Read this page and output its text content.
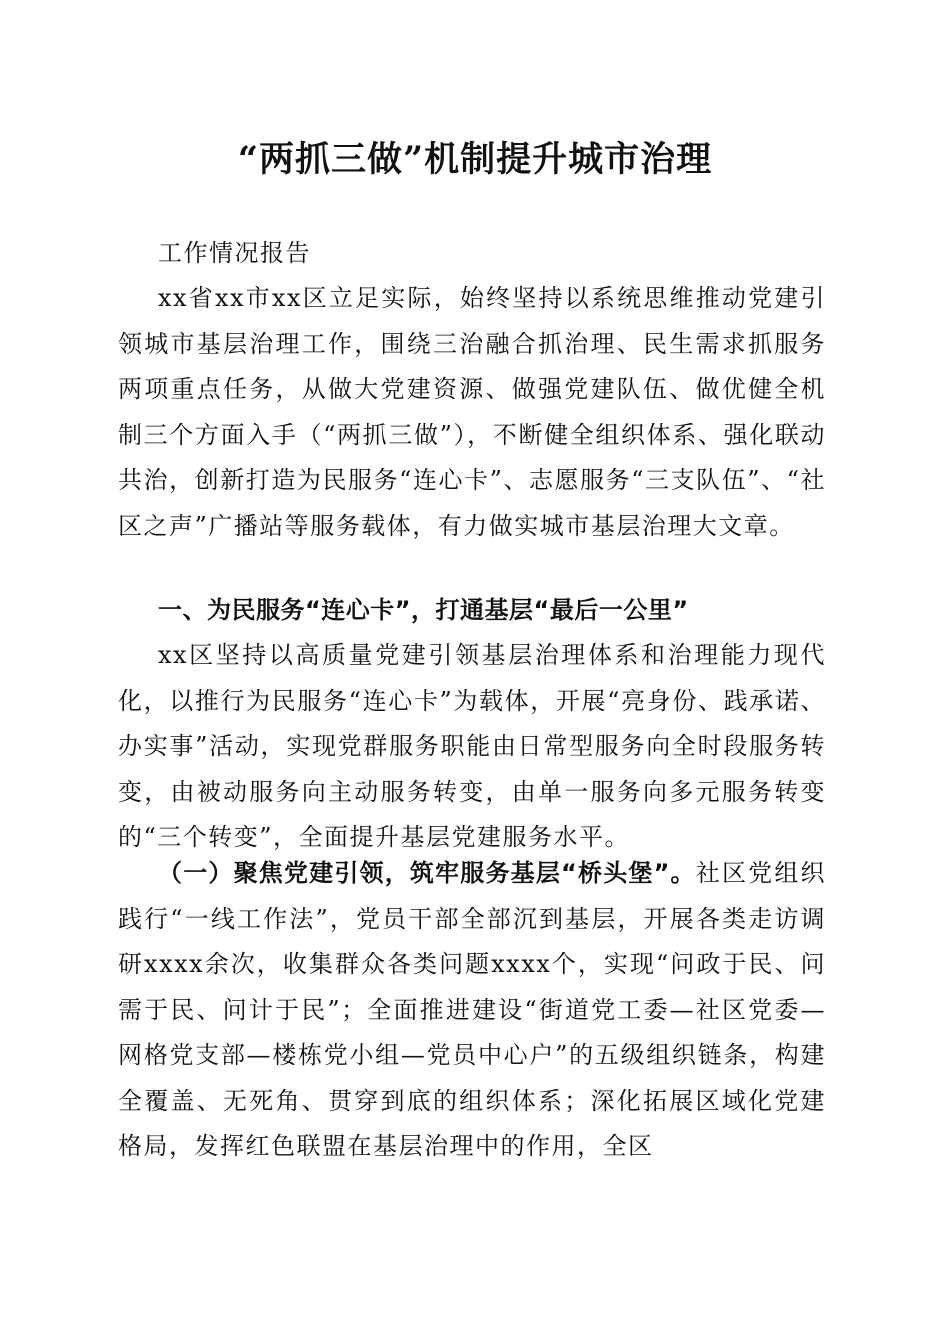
“两抓三做”机制提升城市治理
工作情况报告
xx省xx市xx区立足实际，始终坚持以系统思维推动党建引领城市基层治理工作，围绕三治融合抓治理、民生需求抓服务两项重点任务，从做大党建资源、做强党建队伍、做优健全机制三个方面入手（“两抓三做”），不断健全组织体系、强化联动共治，创新打造为民服务“连心卡”、志愿服务“三支队伍”、“社区之声”广播站等服务载体，有力做实城市基层治理大文章。
一、为民服务“连心卡”，打通基层“最后一公里”
xx区坚持以高质量党建引领基层治理体系和治理能力现代化，以推行为民服务“连心卡”为载体，开展“亮身份、践承诺、办实事”活动，实现党群服务职能由日常型服务向全时段服务转变，由被动服务向主动服务转变，由单一服务向多元服务转变的“三个转变”，全面提升基层党建服务水平。
（一）聚焦党建引领，筑牢服务基层“桥头堡”。社区党组织践行“一线工作法”，党员干部全部沉到基层，开展各类走访调研xxxx余次，收集群众各类问题xxxx个，实现“问政于民、问需于民、问计于民”；全面推进建设“街道党工委—社区党委—网格党支部—楼栋党小组—党员中心户”的五级组织链条，构建全覆盖、无死角、贯穿到底的组织体系；深化拓展区域化党建格局，发挥红色联盟在基层治理中的作用，全区
